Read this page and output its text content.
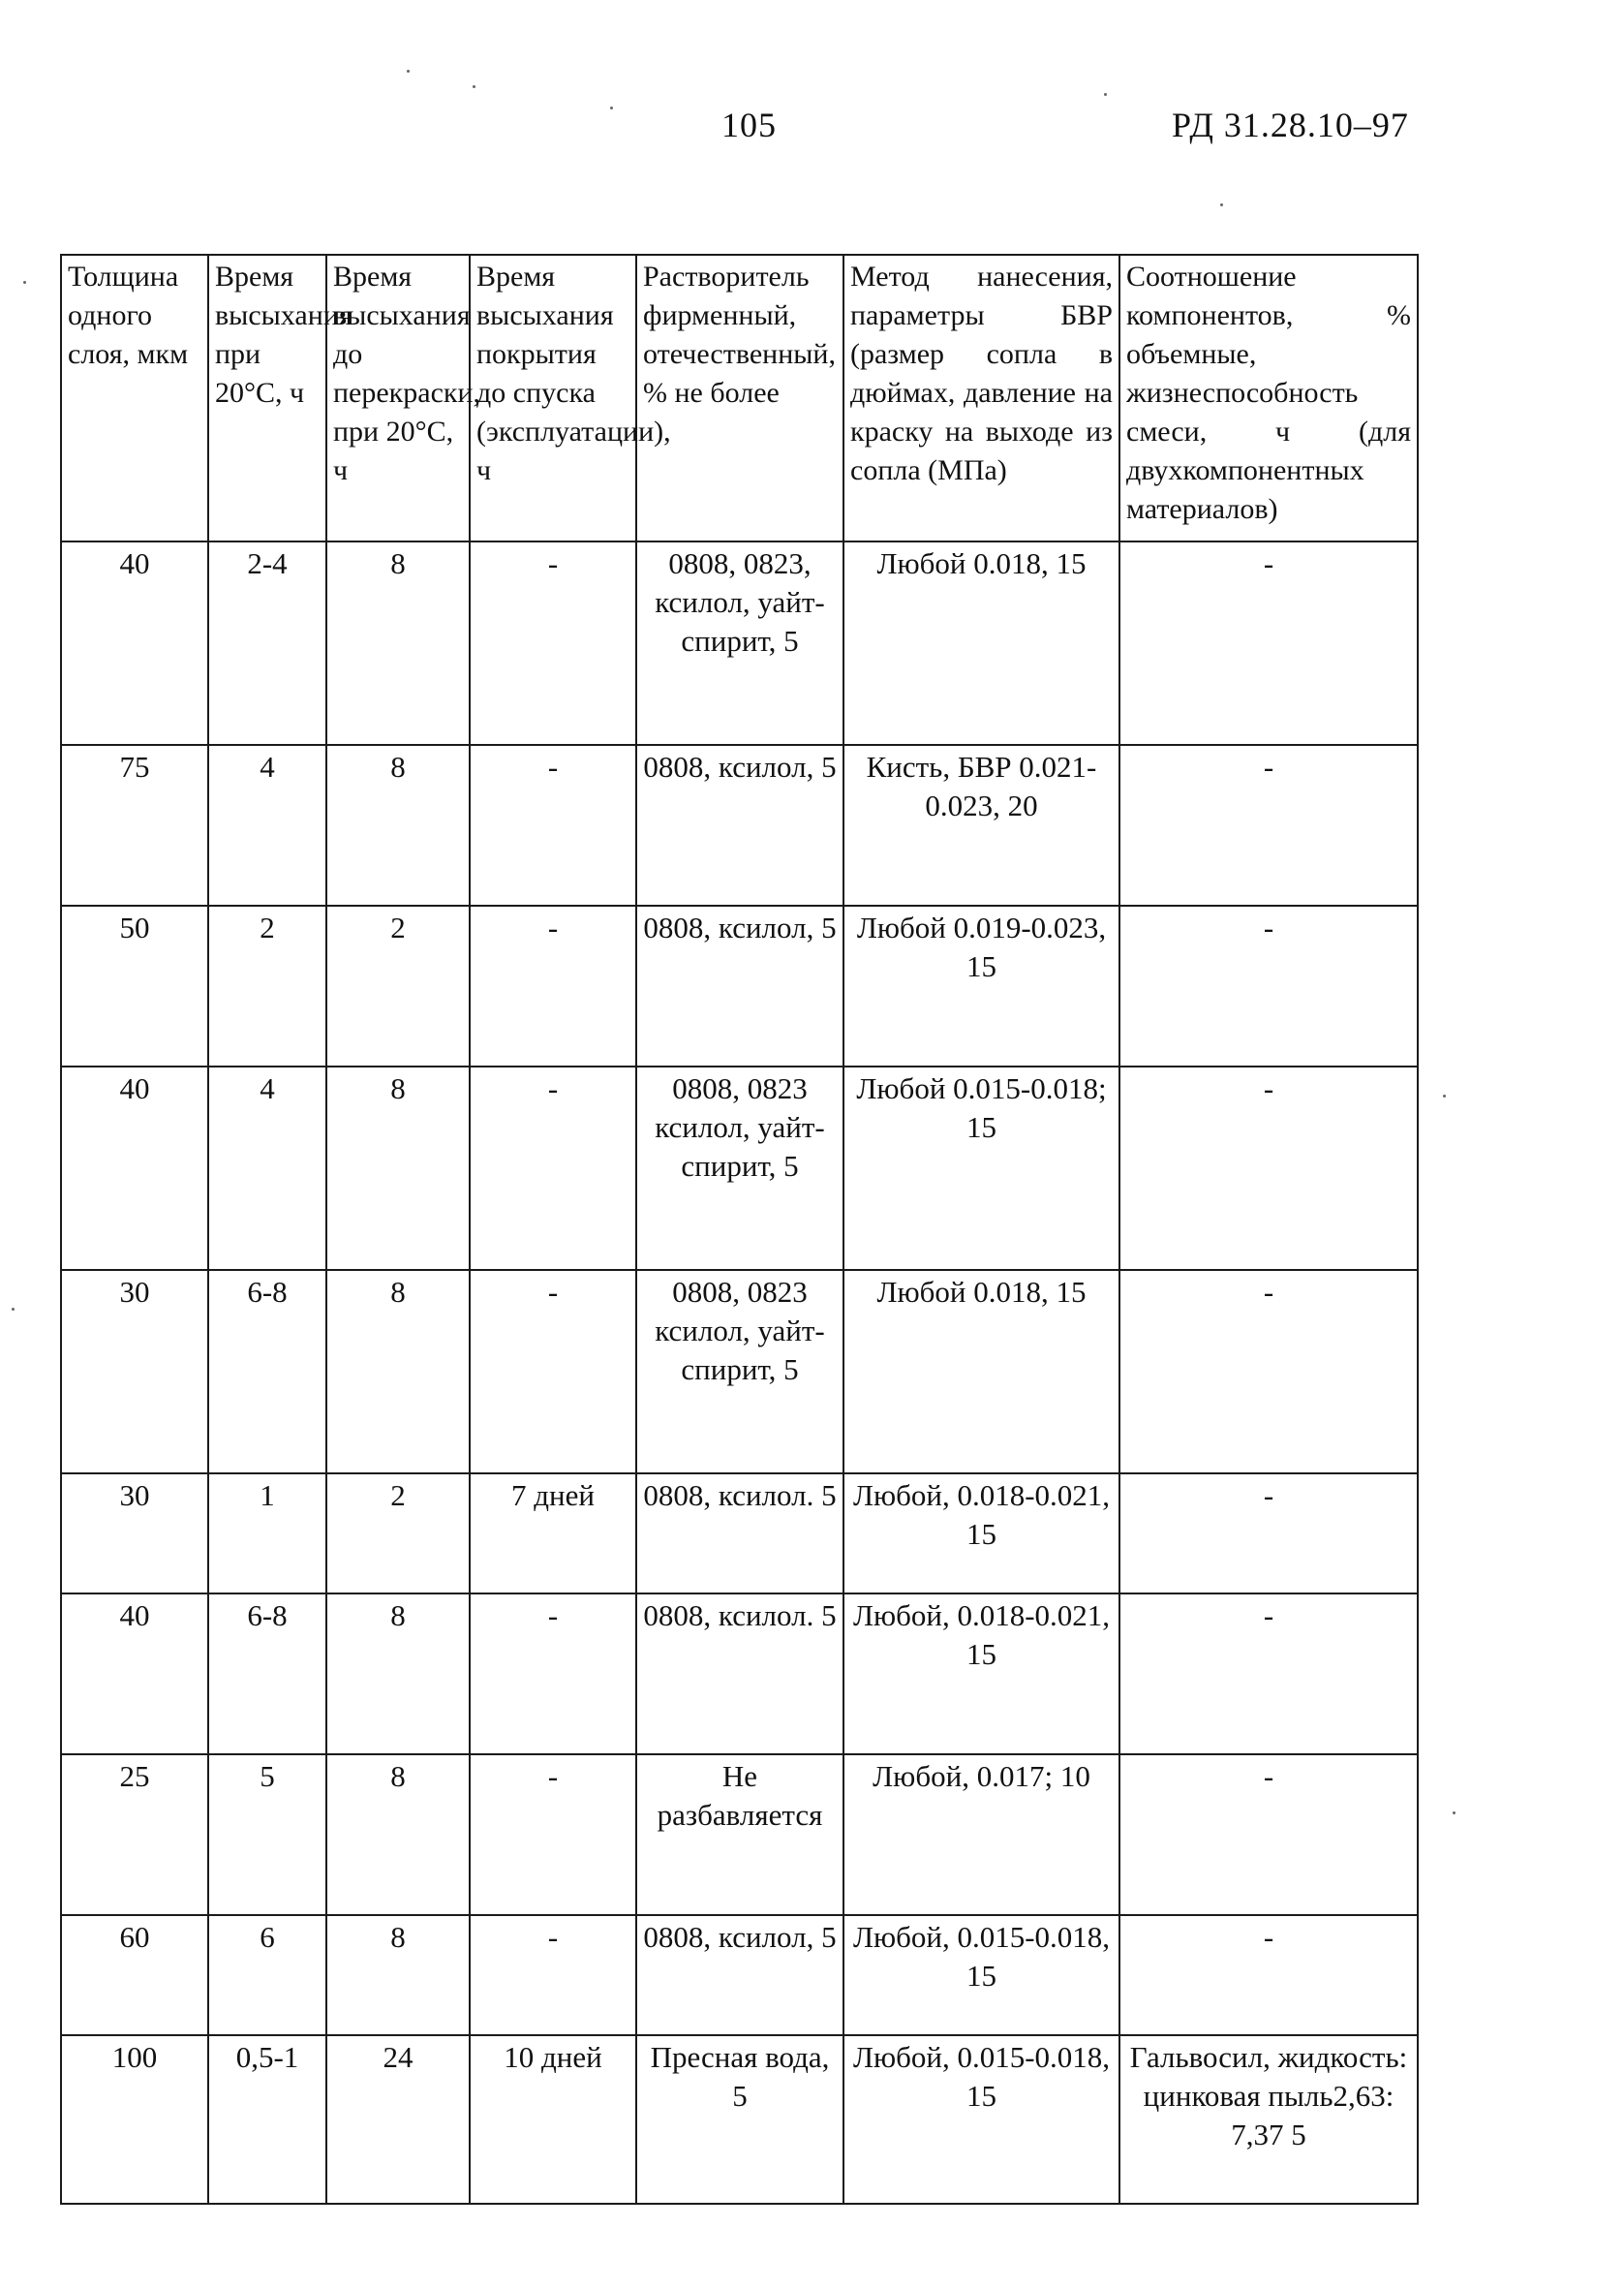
105	РД 31.28.10–97
Толщина одного слоя, мкм	Время высыхания при 20°С, ч	Время высыхания до перекраски, при 20°С, ч	Время высыхания покрытия до спуска (эксплуатации), ч	Растворитель фирменный, отечественный, % не более	Метод нанесения, параметры БВР (размер сопла в дюймах, давление на краску на выходе из сопла (МПа)	Соотношение компонентов, % объемные, жизнеспособность смеси, ч (для двухкомпонентных материалов)
40	2-4	8	-	0808, 0823, ксилол, уайт-спирит, 5	Любой 0.018, 15	-
75	4	8	-	0808, ксилол, 5	Кисть, БВР 0.021-0.023, 20	-
50	2	2	-	0808, ксилол, 5	Любой 0.019-0.023, 15	-
40	4	8	-	0808, 0823 ксилол, уайт-спирит, 5	Любой 0.015-0.018; 15	-
30	6-8	8	-	0808, 0823 ксилол, уайт-спирит, 5	Любой 0.018, 15	-
30	1	2	7 дней	0808, ксилол. 5	Любой, 0.018-0.021, 15	-
40	6-8	8	-	0808, ксилол. 5	Любой, 0.018-0.021, 15	-
25	5	8	-	Не разбавляется	Любой, 0.017; 10	-
60	6	8	-	0808, ксилол, 5	Любой, 0.015-0.018, 15	-
100	0,5-1	24	10 дней	Пресная вода, 5	Любой, 0.015-0.018, 15	Гальвосил, жидкость: цинковая пыль2,63: 7,37 5
